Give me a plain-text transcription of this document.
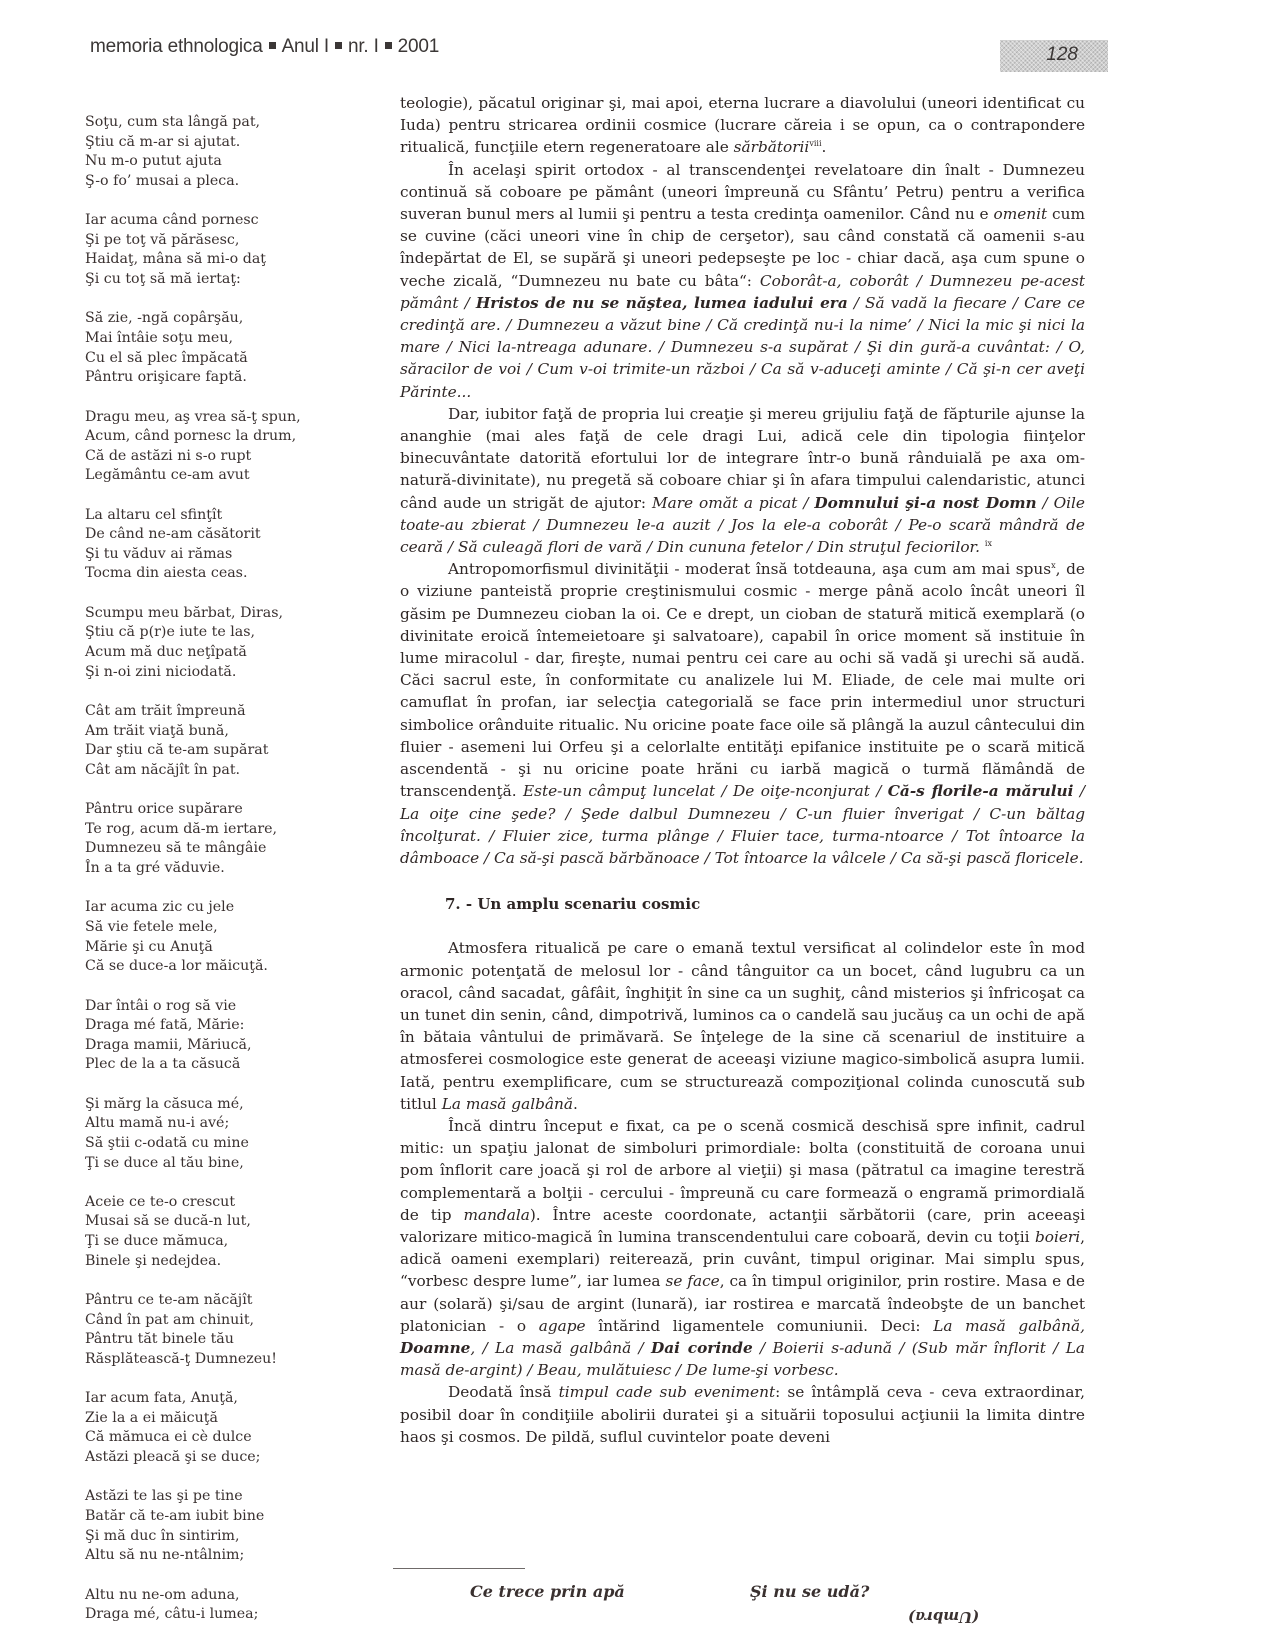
memoria ethnologica Anul I nr. I 2001	128
Soţu, cum sta lângă pat,
Ştiu că m-ar si ajutat.
Nu m-o putut ajuta
Ş-o fo’ musai a pleca.
Iar acuma când pornesc
Şi pe toţ vă părăsesc,
Haidaţ, mâna să mi-o daţ
Şi cu toţ să mă iertaţ:
Să zie, -ngă copârşău,
Mai întâie soţu meu,
Cu el să plec împăcată
Pântru orişicare faptă.
Dragu meu, aş vrea să-ţ spun,
Acum, când pornesc la drum,
Că de astăzi ni s-o rupt
Legământu ce-am avut
La altaru cel sfinţît
De când ne-am căsătorit
Şi tu văduv ai rămas
Tocma din aiesta ceas.
Scumpu meu bărbat, Diras,
Ştiu că p(r)e iute te las,
Acum mă duc neţîpată
Şi n-oi zini niciodată.
Cât am trăit împreună
Am trăit viaţă bună,
Dar ştiu că te-am supărat
Cât am năcăjît în pat.
Pântru orice supărare
Te rog, acum dă-m iertare,
Dumnezeu să te mângâie
În a ta gré văduvie.
Iar acuma zic cu jele
Să vie fetele mele,
Mărie şi cu Anuţă
Că se duce-a lor măicuţă.
Dar întâi o rog să vie
Draga mé fată, Mărie:
Draga mamii, Măriucă,
Plec de la a ta căsucă
Şi mărg la căsuca mé,
Altu mamă nu-i avé;
Să ştii c-odată cu mine
Ţi se duce al tău bine,
Aceie ce te-o crescut
Musai să se ducă-n lut,
Ţi se duce mămuca,
Binele şi nedejdea.
Pântru ce te-am năcăjît
Când în pat am chinuit,
Pântru tăt binele tău
Răsplătească-ţ Dumnezeu!
Iar acum fata, Anuţă,
Zie la a ei măicuţă
Că mămuca ei cè dulce
Astăzi pleacă şi se duce;
Astăzi te las şi pe tine
Batăr că te-am iubit bine
Şi mă duc în sintirim,
Altu să nu ne-ntâlnim;
Altu nu ne-om aduna,
Draga mé, câtu-i lumea;

teologie), păcatul originar şi, mai apoi, eterna lucrare a diavolului (uneori identificat cu Iuda) pentru stricarea ordinii cosmice (lucrare căreia i se opun, ca o contrapondere ritualică, funcţiile etern regeneratoare ale sărbătorii$^{viii}$.

În acelaşi spirit ortodox - al transcendenţei revelatoare din înalt - Dumnezeu continuă să coboare pe pământ (uneori împreună cu Sfântu’ Petru) pentru a verifica suveran bunul mers al lumii şi pentru a testa credinţa oamenilor. Când nu e omenit cum se cuvine (căci uneori vine în chip de cerşetor), sau când constată că oamenii s-au îndepărtat de El, se supără şi uneori pedepseşte pe loc - chiar dacă, aşa cum spune o veche zicală, “Dumnezeu nu bate cu bâta“: Coborât-a, coborât / Dumnezeu pe-acest pământ / Hristos de nu se năştea, lumea iadului era / Să vadă la fiecare / Care ce credinţă are. / Dumnezeu a văzut bine / Că credinţă nu-i la nime’ / Nici la mic şi nici la mare / Nici la-ntreaga adunare. / Dumnezeu s-a supărat / Şi din gură-a cuvântat: / O, săracilor de voi / Cum v-oi trimite-un război / Ca să v-aduceţi aminte / Că şi-n cer aveţi Părinte...

Dar, iubitor faţă de propria lui creaţie şi mereu grijuliu faţă de făpturile ajunse la ananghie (mai ales faţă de cele dragi Lui, adică cele din tipologia fiinţelor binecuvântate datorită efortului lor de integrare într-o bună rânduială pe axa om-natură-divinitate), nu pregetă să coboare chiar şi în afara timpului calendaristic, atunci când aude un strigăt de ajutor: Mare omăt a picat / Domnului şi-a nost Domn / Oile toate-au zbierat / Dumnezeu le-a auzit / Jos la ele-a coborât / Pe-o scară mândră de ceară / Să culeagă flori de vară / Din cununa fetelor / Din struţul feciorilor. $^{ix}$

Antropomorfismul divinităţii - moderat însă totdeauna, aşa cum am mai spus$^x$, de o viziune panteistă proprie creştinismului cosmic - merge până acolo încât uneori îl găsim pe Dumnezeu cioban la oi. Ce e drept, un cioban de statură mitică exemplară (o divinitate eroică întemeietoare şi salvatoare), capabil în orice moment să instituie în lume miracolul - dar, fireşte, numai pentru cei care au ochi să vadă şi urechi să audă. Căci sacrul este, în conformitate cu analizele lui M. Eliade, de cele mai multe ori camuflat în profan, iar selecţia categorială se face prin intermediul unor structuri simbolice orânduite ritualic. Nu oricine poate face oile să plângă la auzul cântecului din fluier - asemeni lui Orfeu şi a celorlalte entităţi epifanice instituite pe o scară mitică ascendentă - şi nu oricine poate hrăni cu iarbă magică o turmă flămândă de transcendenţă. Este-un câmpuţ luncelat / De oiţe-nconjurat / Că-s florile-a mărului / La oiţe cine şede? / Şede dalbul Dumnezeu / C-un fluier înverigat / C-un băltag încolţurat. / Fluier zice, turma plânge / Fluier tace, turma-ntoarce / Tot întoarce la dâmboace / Ca să-şi pască bărbănoace / Tot întoarce la vâlcele / Ca să-şi pască floricele.

7. - Un amplu scenariu cosmic

Atmosfera ritualică pe care o emană textul versificat al colindelor este în mod armonic potenţată de melosul lor - când tânguitor ca un bocet, când lugubru ca un oracol, când sacadat, gâfâit, înghiţit în sine ca un sughiţ, când misterios şi înfricoşat ca un tunet din senin, când, dimpotrivă, luminos ca o candelă sau jucăuş ca un ochi de apă în bătaia vântului de primăvară. Se înţelege de la sine că scenariul de instituire a atmosferei cosmologice este generat de aceeaşi viziune magico-simbolică asupra lumii. Iată, pentru exemplificare, cum se structurează compoziţional colinda cunoscută sub titlul La masă galbână.

Încă dintru început e fixat, ca pe o scenă cosmică deschisă spre infinit, cadrul mitic: un spaţiu jalonat de simboluri primordiale: bolta (constituită de coroana unui pom înflorit care joacă şi rol de arbore al vieţii) şi masa (pătratul ca imagine terestră complementară a bolţii - cercului - împreună cu care formează o engramă primordială de tip mandala). Între aceste coordonate, actanţii sărbătorii (care, prin aceeaşi valorizare mitico-magică în lumina transcendentului care coboară, devin cu toţii boieri, adică oameni exemplari) reiterează, prin cuvânt, timpul originar. Mai simplu spus, “vorbesc despre lume”, iar lumea se face, ca în timpul originilor, prin rostire. Masa e de aur (solară) şi/sau de argint (lunară), iar rostirea e marcată îndeobşte de un banchet platonician - o agape întărind ligamentele comuniunii. Deci: La masă galbână, Doamne, / La masă galbână / Dai corinde / Boierii s-adună / (Sub măr înflorit / La masă de-argint) / Beau, mulătuiesc / De lume-şi vorbesc.

Deodată însă timpul cade sub eveniment: se întâmplă ceva - ceva extraordinar, posibil doar în condiţiile abolirii duratei şi a situării toposului acţiunii la limita dintre haos şi cosmos. De pildă, suflul cuvintelor poate deveni

Ce trece prin apă	Şi nu se udă?
(Umbra)
